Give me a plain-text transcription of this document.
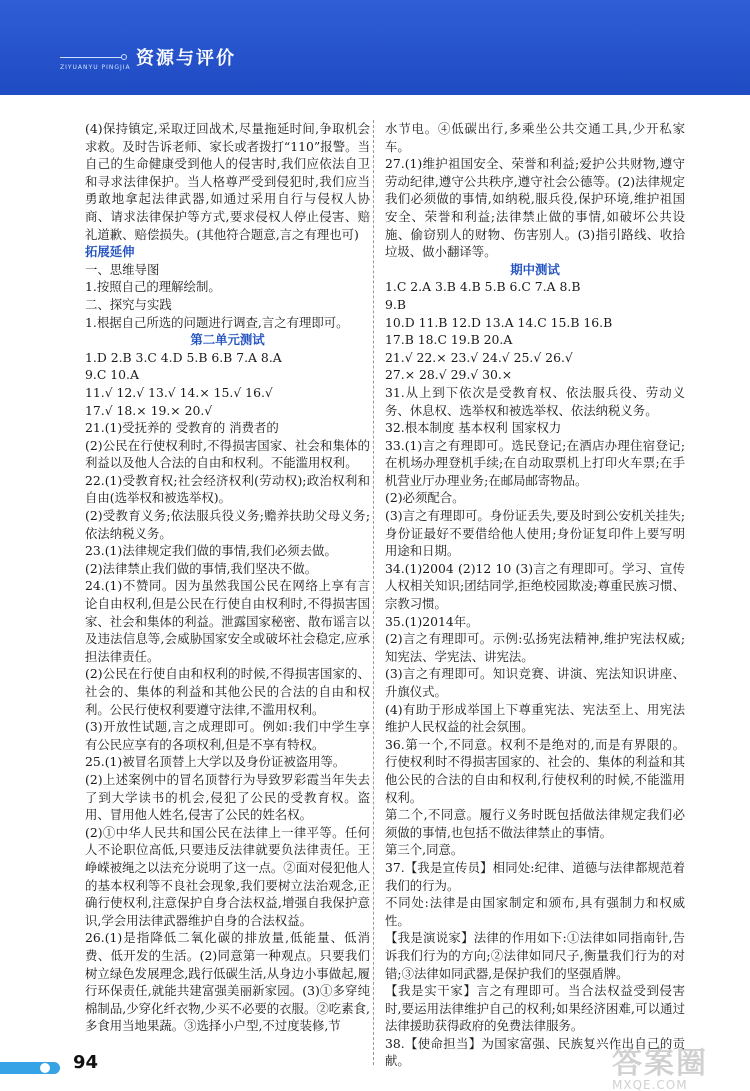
资源与评价
ZIYUANYU PINGJIA

(4)保持镇定,采取迂回战术,尽量拖延时间,争取机会求救。及时告诉老师、家长或者拨打“110”报警。当自己的生命健康受到他人的侵害时,我们应依法自卫和寻求法律保护。当人格尊严受到侵犯时,我们应当勇敢地拿起法律武器,如通过采用自行与侵权人协商、请求法律保护等方式,要求侵权人停止侵害、赔礼道歉、赔偿损失。(其他符合题意,言之有理也可)

拓展延伸

一、思维导图

1.按照自己的理解绘制。

二、探究与实践

1.根据自己所选的问题进行调查,言之有理即可。

第二单元测试

1.D 2.B 3.C 4.D 5.B 6.B 7.A 8.A

9.C 10.A

11.√ 12.√ 13.√ 14.× 15.√ 16.√

17.√ 18.× 19.× 20.√

21.(1)受抚养的 受教育的 消费者的

(2)公民在行使权利时,不得损害国家、社会和集体的利益以及他人合法的自由和权利。不能滥用权利。

22.(1)受教育权;社会经济权利(劳动权);政治权利和自由(选举权和被选举权)。

(2)受教育义务;依法服兵役义务;赡养扶助父母义务;依法纳税义务。

23.(1)法律规定我们做的事情,我们必须去做。

(2)法律禁止我们做的事情,我们坚决不做。

24.(1)不赞同。因为虽然我国公民在网络上享有言论自由权利,但是公民在行使自由权利时,不得损害国家、社会和集体的利益。泄露国家秘密、散布谣言以及违法信息等,会威胁国家安全或破坏社会稳定,应承担法律责任。

(2)公民在行使自由和权利的时候,不得损害国家的、社会的、集体的利益和其他公民的合法的自由和权利。公民行使权利要遵守法律,不滥用权利。

(3)开放性试题,言之成理即可。例如:我们中学生享有公民应享有的各项权利,但是不享有特权。

25.(1)被冒名顶替上大学以及身份证被盗用等。

(2)上述案例中的冒名顶替行为导致罗彩霞当年失去了到大学读书的机会,侵犯了公民的受教育权。盗用、冒用他人姓名,侵害了公民的姓名权。

(2)①中华人民共和国公民在法律上一律平等。任何人不论职位高低,只要违反法律就要负法律责任。王峥嵘被绳之以法充分说明了这一点。②面对侵犯他人的基本权利等不良社会现象,我们要树立法治观念,正确行使权利,注意保护自身合法权益,增强自我保护意识,学会用法律武器维护自身的合法权益。

26.(1)是指降低二氧化碳的排放量,低能量、低消费、低开发的生活。(2)同意第一种观点。只要我们树立绿色发展理念,践行低碳生活,从身边小事做起,履行环保责任,就能共建富强美丽新家园。(3)①多穿纯棉制品,少穿化纤衣物,少买不必要的衣服。②吃素食,多食用当地果蔬。③选择小户型,不过度装修,节

水节电。④低碳出行,多乘坐公共交通工具,少开私家车。

27.(1)维护祖国安全、荣誉和利益;爱护公共财物,遵守劳动纪律,遵守公共秩序,遵守社会公德等。(2)法律规定我们必须做的事情,如纳税,服兵役,保护环境,维护祖国安全、荣誉和利益;法律禁止做的事情,如破坏公共设施、偷窃别人的财物、伤害别人。(3)指引路线、收拾垃圾、做小翻译等。

期中测试

1.C 2.A 3.B 4.B 5.B 6.C 7.A 8.B

9.B

10.D 11.B 12.D 13.A 14.C 15.B 16.B

17.B 18.C 19.B 20.A

21.√ 22.× 23.√ 24.√ 25.√ 26.√

27.× 28.√ 29.√ 30.×

31.从上到下依次是受教育权、依法服兵役、劳动义务、休息权、选举权和被选举权、依法纳税义务。

32.根本制度 基本权利 国家权力

33.(1)言之有理即可。选民登记;在酒店办理住宿登记;在机场办理登机手续;在自动取票机上打印火车票;在手机营业厅办理业务;在邮局邮寄物品。

(2)必须配合。

(3)言之有理即可。身份证丢失,要及时到公安机关挂失;身份证最好不要借给他人使用;身份证复印件上要写明用途和日期。

34.(1)2004 (2)12 10 (3)言之有理即可。学习、宣传人权相关知识;团结同学,拒绝校园欺凌;尊重民族习惯、宗教习惯。

35.(1)2014年。

(2)言之有理即可。示例:弘扬宪法精神,维护宪法权威;知宪法、学宪法、讲宪法。

(3)言之有理即可。知识竞赛、讲演、宪法知识讲座、升旗仪式。

(4)有助于形成举国上下尊重宪法、宪法至上、用宪法维护人民权益的社会氛围。

36.第一个,不同意。权利不是绝对的,而是有界限的。行使权利时不得损害国家的、社会的、集体的利益和其他公民的合法的自由和权利,行使权利的时候,不能滥用权利。

第二个,不同意。履行义务时既包括做法律规定我们必须做的事情,也包括不做法律禁止的事情。

第三个,同意。

37.【我是宣传员】相同处:纪律、道德与法律都规范着我们的行为。

不同处:法律是由国家制定和颁布,具有强制力和权威性。

【我是演说家】法律的作用如下:①法律如同指南针,告诉我们行为的方向;②法律如同尺子,衡量我们行为的对错;③法律如同武器,是保护我们的坚强盾牌。

【我是实干家】言之有理即可。当合法权益受到侵害时,要运用法律维护自己的权利;如果经济困难,可以通过法律援助获得政府的免费法律服务。

38.【使命担当】为国家富强、民族复兴作出自己的贡献。

94	答案圈
MXQE.COM
